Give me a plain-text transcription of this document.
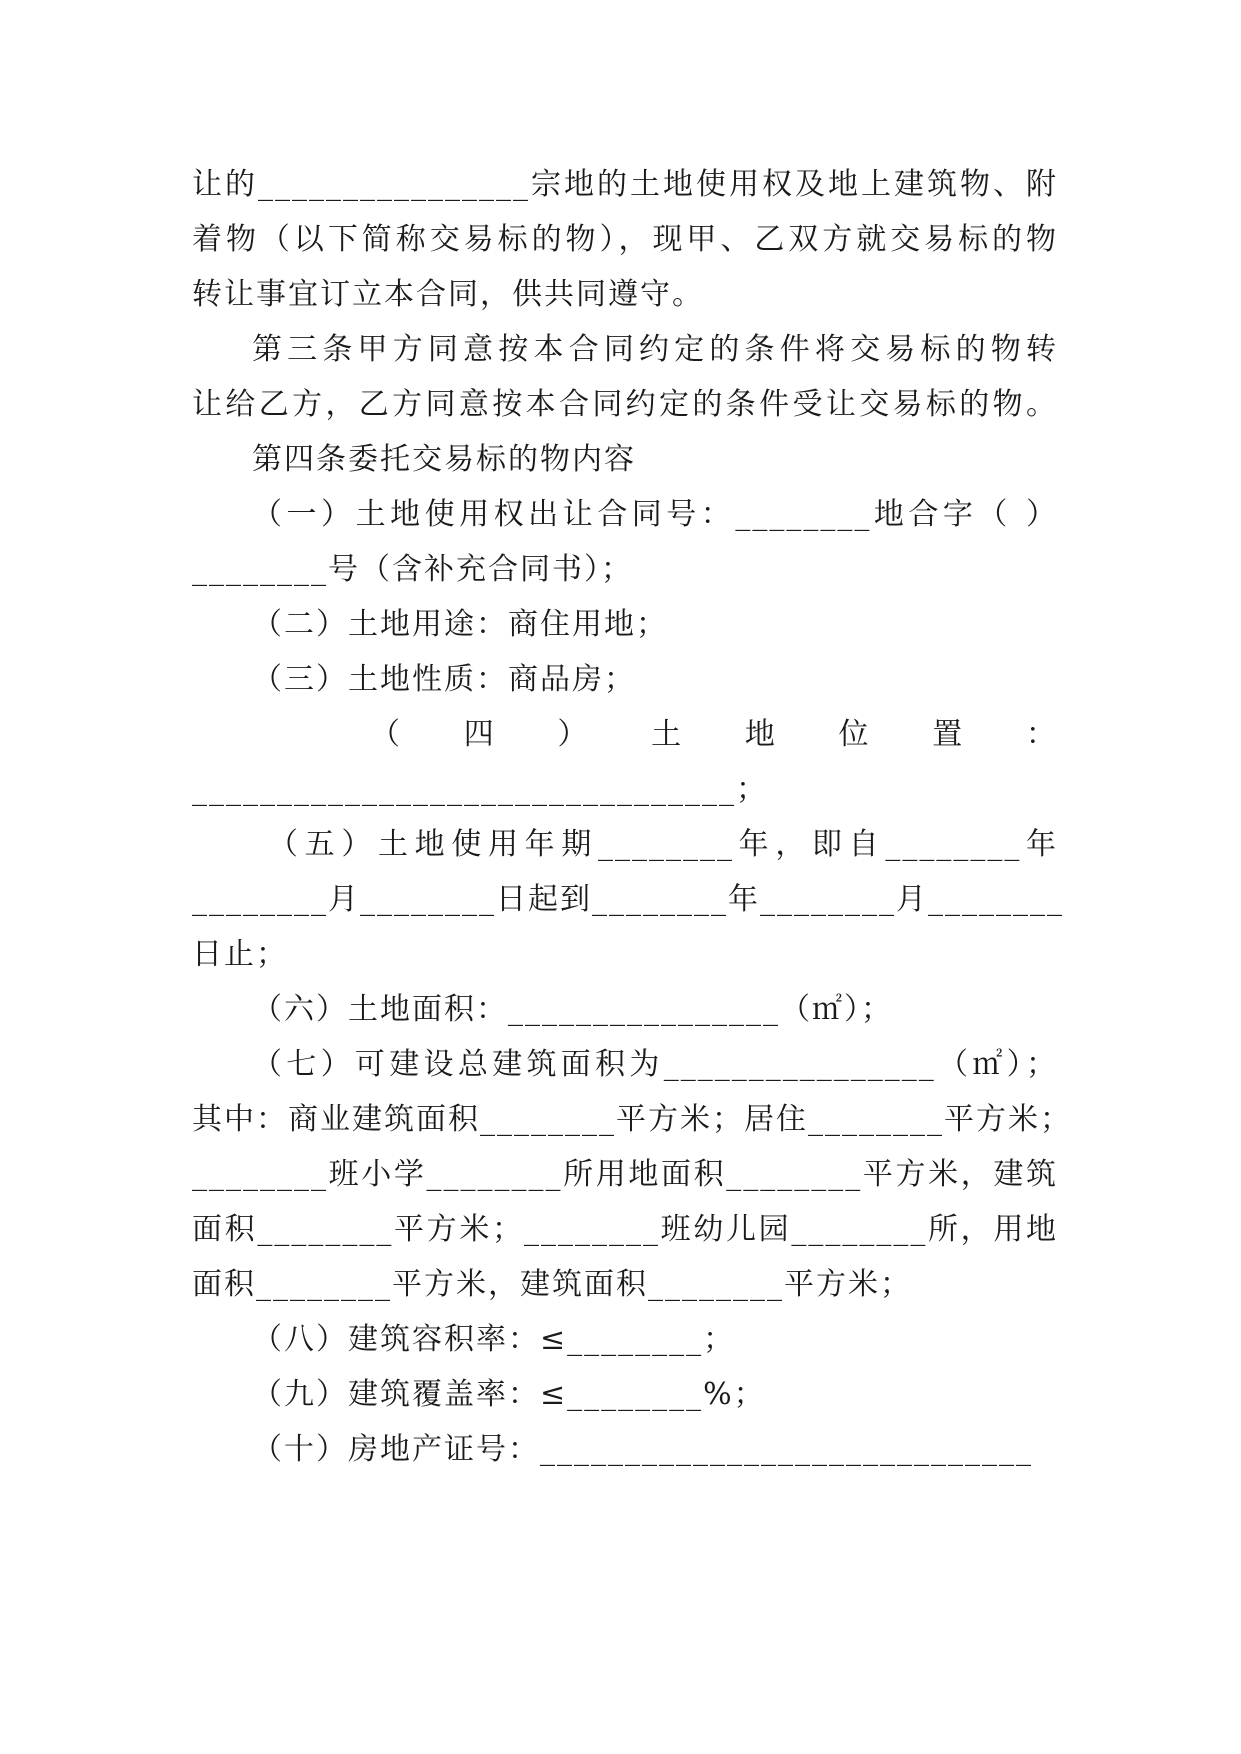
让的________________宗地的土地使用权及地上建筑物、附
着物（以下简称交易标的物），现甲、乙双方就交易标的物
转让事宜订立本合同，供共同遵守。
第三条甲方同意按本合同约定的条件将交易标的物转
让给乙方，乙方同意按本合同约定的条件受让交易标的物。
第四条委托交易标的物内容
（一）土地使用权出让合同号：________地合字（ ）
________号（含补充合同书）；
（二）土地用途：商住用地；
（三）土地性质：商品房；
（ 四 ） 土 地 位 置 ：
________________________________；
（五）土地使用年期________年，即自________年
________月________日起到________年________月________
日止；
（六）土地面积：________________（㎡）；
（七）可建设总建筑面积为________________（㎡）；
其中：商业建筑面积________平方米；居住________平方米；
________班小学________所用地面积________平方米，建筑
面积________平方米；________班幼儿园________所，用地
面积________平方米，建筑面积________平方米；
（八）建筑容积率：≤________；
（九）建筑覆盖率：≤________%；
（十）房地产证号：_____________________________
